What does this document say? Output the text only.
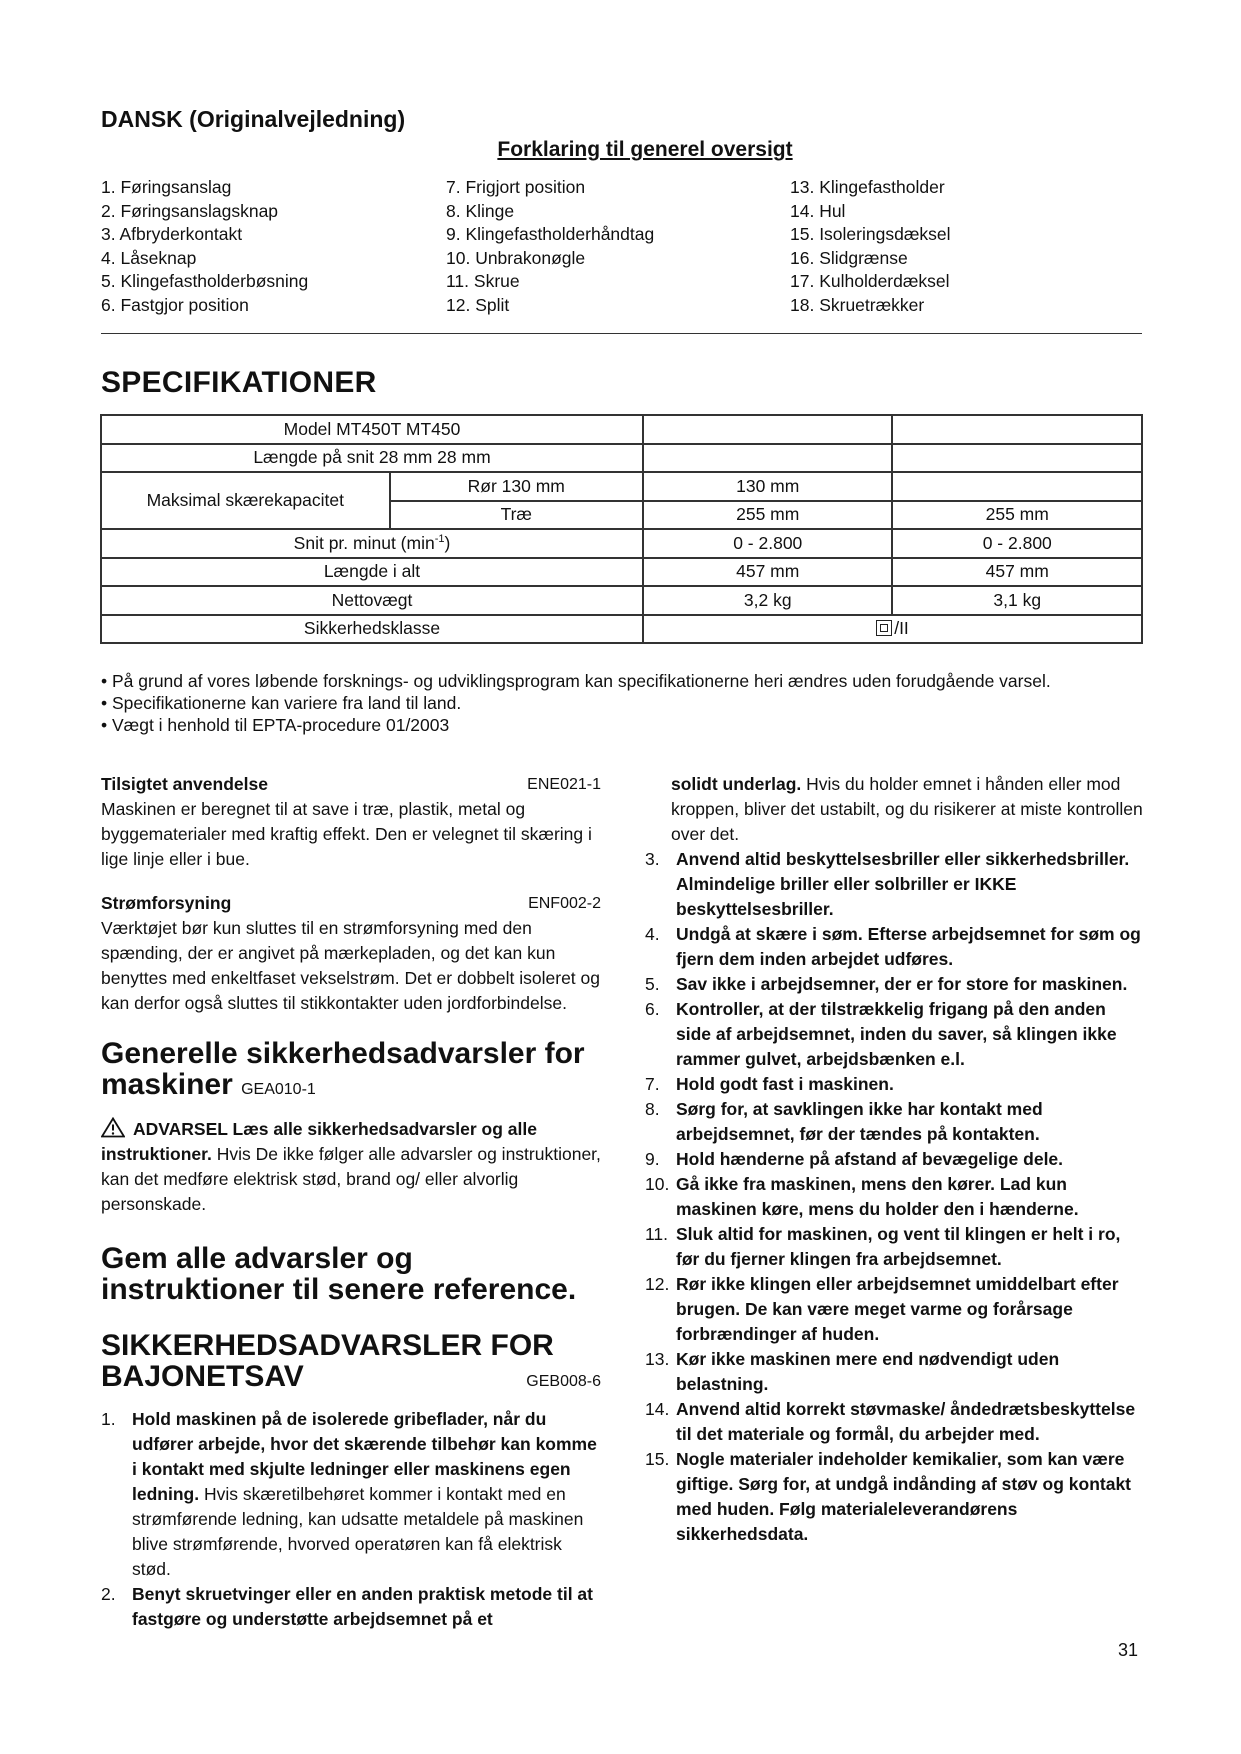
DANSK (Originalvejledning)
Forklaring til generel oversigt
1. Føringsanslag
2. Føringsanslagsknap
3. Afbryderkontakt
4. Låseknap
5. Klingefastholderbøsning
6. Fastgjor position
7. Frigjort position
8. Klinge
9. Klingefastholderhåndtag
10. Unbrakonøgle
11. Skrue
12. Split
13. Klingefastholder
14. Hul
15. Isoleringsdæksel
16. Slidgrænse
17. Kulholderdæksel
18. Skruetrækker
SPECIFIKATIONER
Model MT450T MT450			
Længde på snit 28 mm 28 mm			
Maksimal skærekapacitet	Rør 130 mm	130 mm	
	Træ	255 mm	255 mm
Snit pr. minut $(\min^{-1})$		0 - 2.800	0 - 2.800
Længde i alt		457 mm	457 mm
Nettovægt		3,2 kg	3,1 kg
Sikkerhedsklasse		/II	
• På grund af vores løbende forsknings- og udviklingsprogram kan specifikationerne heri ændres uden forudgående varsel.
• Specifikationerne kan variere fra land til land.
• Vægt i henhold til EPTA-procedure 01/2003
Tilsigtet anvendelse	ENE021-1
Maskinen er beregnet til at save i træ, plastik, metal og byggematerialer med kraftig effekt. Den er velegnet til skæring i lige linje eller i bue.
Strømforsyning	ENF002-2
Værktøjet bør kun sluttes til en strømforsyning med den spænding, der er angivet på mærkepladen, og det kan kun benyttes med enkeltfaset vekselstrøm. Det er dobbelt isoleret og kan derfor også sluttes til stikkontakter uden jordforbindelse.
Generelle sikkerhedsadvarsler for maskiner GEA010-1
ADVARSEL Læs alle sikkerhedsadvarsler og alle instruktioner. Hvis De ikke følger alle advarsler og instruktioner, kan det medføre elektrisk stød, brand og/ eller alvorlig personskade.
Gem alle advarsler og instruktioner til senere reference.
SIKKERHEDSADVARSLER FOR
BAJONETSAV	GEB008-6
1. Hold maskinen på de isolerede gribeflader, når du udfører arbejde, hvor det skærende tilbehør kan komme i kontakt med skjulte ledninger eller maskinens egen ledning. Hvis skæretilbehøret kommer i kontakt med en strømførende ledning, kan udsatte metaldele på maskinen blive strømførende, hvorved operatøren kan få elektrisk stød.
2. Benyt skruetvinger eller en anden praktisk metode til at fastgøre og understøtte arbejdsemnet på et
solidt underlag. Hvis du holder emnet i hånden eller mod kroppen, bliver det ustabilt, og du risikerer at miste kontrollen over det.
3. Anvend altid beskyttelsesbriller eller sikkerhedsbriller. Almindelige briller eller solbriller er IKKE beskyttelsesbriller.
4. Undgå at skære i søm. Efterse arbejdsemnet for søm og fjern dem inden arbejdet udføres.
5. Sav ikke i arbejdsemner, der er for store for maskinen.
6. Kontroller, at der tilstrækkelig frigang på den anden side af arbejdsemnet, inden du saver, så klingen ikke rammer gulvet, arbejdsbænken e.l.
7. Hold godt fast i maskinen.
8. Sørg for, at savklingen ikke har kontakt med arbejdsemnet, før der tændes på kontakten.
9. Hold hænderne på afstand af bevægelige dele.
10. Gå ikke fra maskinen, mens den kører. Lad kun maskinen køre, mens du holder den i hænderne.
11. Sluk altid for maskinen, og vent til klingen er helt i ro, før du fjerner klingen fra arbejdsemnet.
12. Rør ikke klingen eller arbejdsemnet umiddelbart efter brugen. De kan være meget varme og forårsage forbrændinger af huden.
13. Kør ikke maskinen mere end nødvendigt uden belastning.
14. Anvend altid korrekt støvmaske/ åndedrætsbeskyttelse til det materiale og formål, du arbejder med.
15. Nogle materialer indeholder kemikalier, som kan være giftige. Sørg for, at undgå indånding af støv og kontakt med huden. Følg materialeleverandørens sikkerhedsdata.
31
